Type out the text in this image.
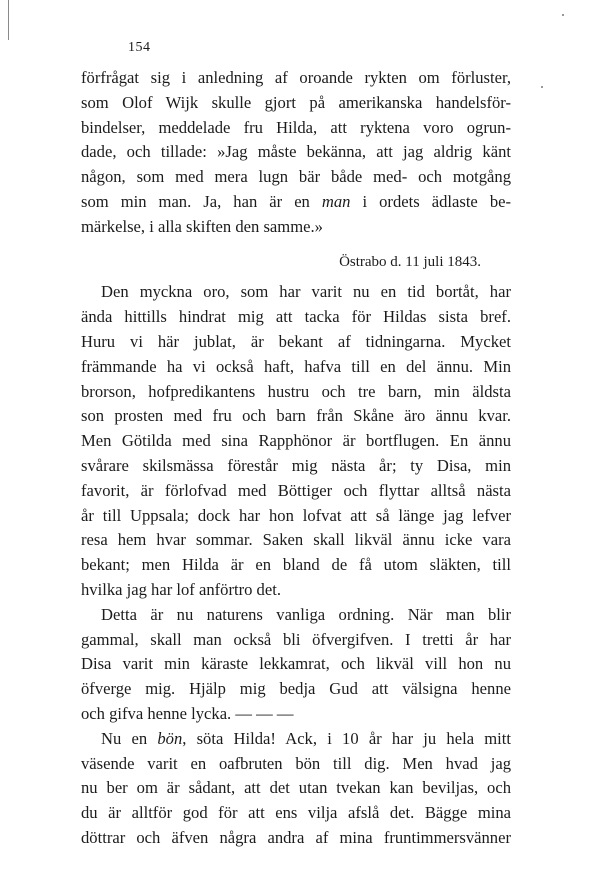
154
förfrågat sig i anledning af oroande rykten om förluster,
som Olof Wijk skulle gjort på amerikanska handelsför-
bindelser, meddelade fru Hilda, att ryktena voro ogrun-
dade, och tillade: »Jag måste bekänna, att jag aldrig känt
någon, som med mera lugn bär både med- och motgång
som min man. Ja, han är en man i ordets ädlaste be-
märkelse, i alla skiften den samme.»
Östrabo d. 11 juli 1843.
Den myckna oro, som har varit nu en tid bortåt, har
ända hittills hindrat mig att tacka för Hildas sista bref.
Huru vi här jublat, är bekant af tidningarna. Mycket
främmande ha vi också haft, hafva till en del ännu. Min
brorson, hofpredikantens hustru och tre barn, min äldsta
son prosten med fru och barn från Skåne äro ännu kvar.
Men Götilda med sina Rapphönor är bortflugen. En ännu
svårare skilsmässa förestår mig nästa år; ty Disa, min
favorit, är förlofvad med Böttiger och flyttar alltså nästa
år till Uppsala; dock har hon lofvat att så länge jag lefver
resa hem hvar sommar. Saken skall likväl ännu icke vara
bekant; men Hilda är en bland de få utom släkten, till
hvilka jag har lof anförtro det.
Detta är nu naturens vanliga ordning. När man blir
gammal, skall man också bli öfvergifven. I tretti år har
Disa varit min käraste lekkamrat, och likväl vill hon nu
öfverge mig. Hjälp mig bedja Gud att välsigna henne
och gifva henne lycka. — — —
Nu en bön, söta Hilda! Ack, i 10 år har ju hela mitt
väsende varit en oafbruten bön till dig. Men hvad jag
nu ber om är sådant, att det utan tvekan kan beviljas, och
du är alltför god för att ens vilja afslå det. Bägge mina
döttrar och äfven några andra af mina fruntimmersvänner
